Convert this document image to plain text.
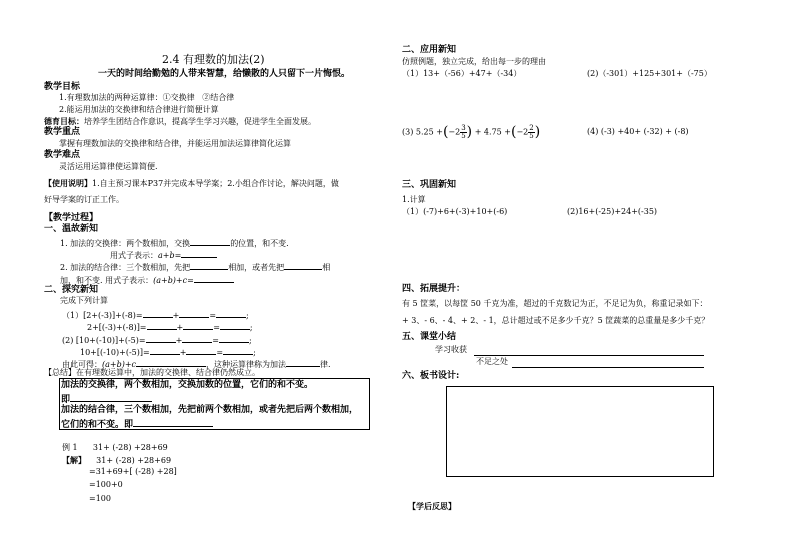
2.4 有理数的加法(2)
一天的时间给勤勉的人带来智慧，给懒散的人只留下一片悔恨。
教学目标
1.有理数加法的两种运算律：①交换律 ②结合律
2.能运用加法的交换律和结合律进行简便计算
德育目标：培养学生团结合作意识，提高学生学习兴趣，促进学生全面发展。
教学重点
掌握有理数加法的交换律和结合律，并能运用加法运算律简化运算
教学难点
灵活运用运算律使运算简便.
【使用说明】1.自主预习课本P37并完成本导学案；2.小组合作讨论，解决问题，做
好导学案的订正工作。
【教学过程】
一、温故新知
1. 加法的交换律：两个数相加，交换	的位置，和不变.
用式子表示：a+b=
2. 加法的结合律：三个数相加，先把	相加，或者先把	相
加，和不变. 用式子表示：(a+b)+c=
二、探究新知
完成下列计算
（1）[2+(-3)]+(-8)=	+	=	;
2+[(-3)+(-8)]=	+	=	;
(2) [10+(-10)]+(-5)=	+	=	;
10+[(-10)+(-5)]=	+	=	;
由此可得：(a+b)+c	，这种运算律称为加法	律.
【总结】在有理数运算中，加法的交换律、结合律仍然成立。
加法的交换律，两个数相加，交换加数的位置，它们的和不变。
即
加法的结合律，三个数相加，先把前两个数相加，或者先把后两个数相加，
它们的和不变。即
例 1 31+ (-28) +28+69
【解】 31+ (-28) +28+69
=31+69+[ (-28) +28]
=100+0
=100
二、应用新知
仿照例题，独立完成，给出每一步的理由
（1）13+（-56）+47+（-34）	(2)（-301）+125+301+（-75）
(3) $5.25 +(-2 \frac{3}{5}$ ) + $4.75 +(-2 \frac{2}{5}$ )	(4) (-3) +40+ (-32) + (-8)
三、巩固新知
1.计算
（1）(-7)+6+(-3)+10+(-6)	(2)16+(-25)+24+(-35)
四、拓展提升：
有 5 筐菜，以每筐 50 千克为准，超过的千克数记为正，不足记为负，称重记录如下：
+ 3、- 6、- 4、+ 2、- 1，总计超过或不足多少千克？5 筐蔬菜的总重量是多少千克？
五、课堂小结
学习收获
不足之处
六、板书设计:
【学后反思】
